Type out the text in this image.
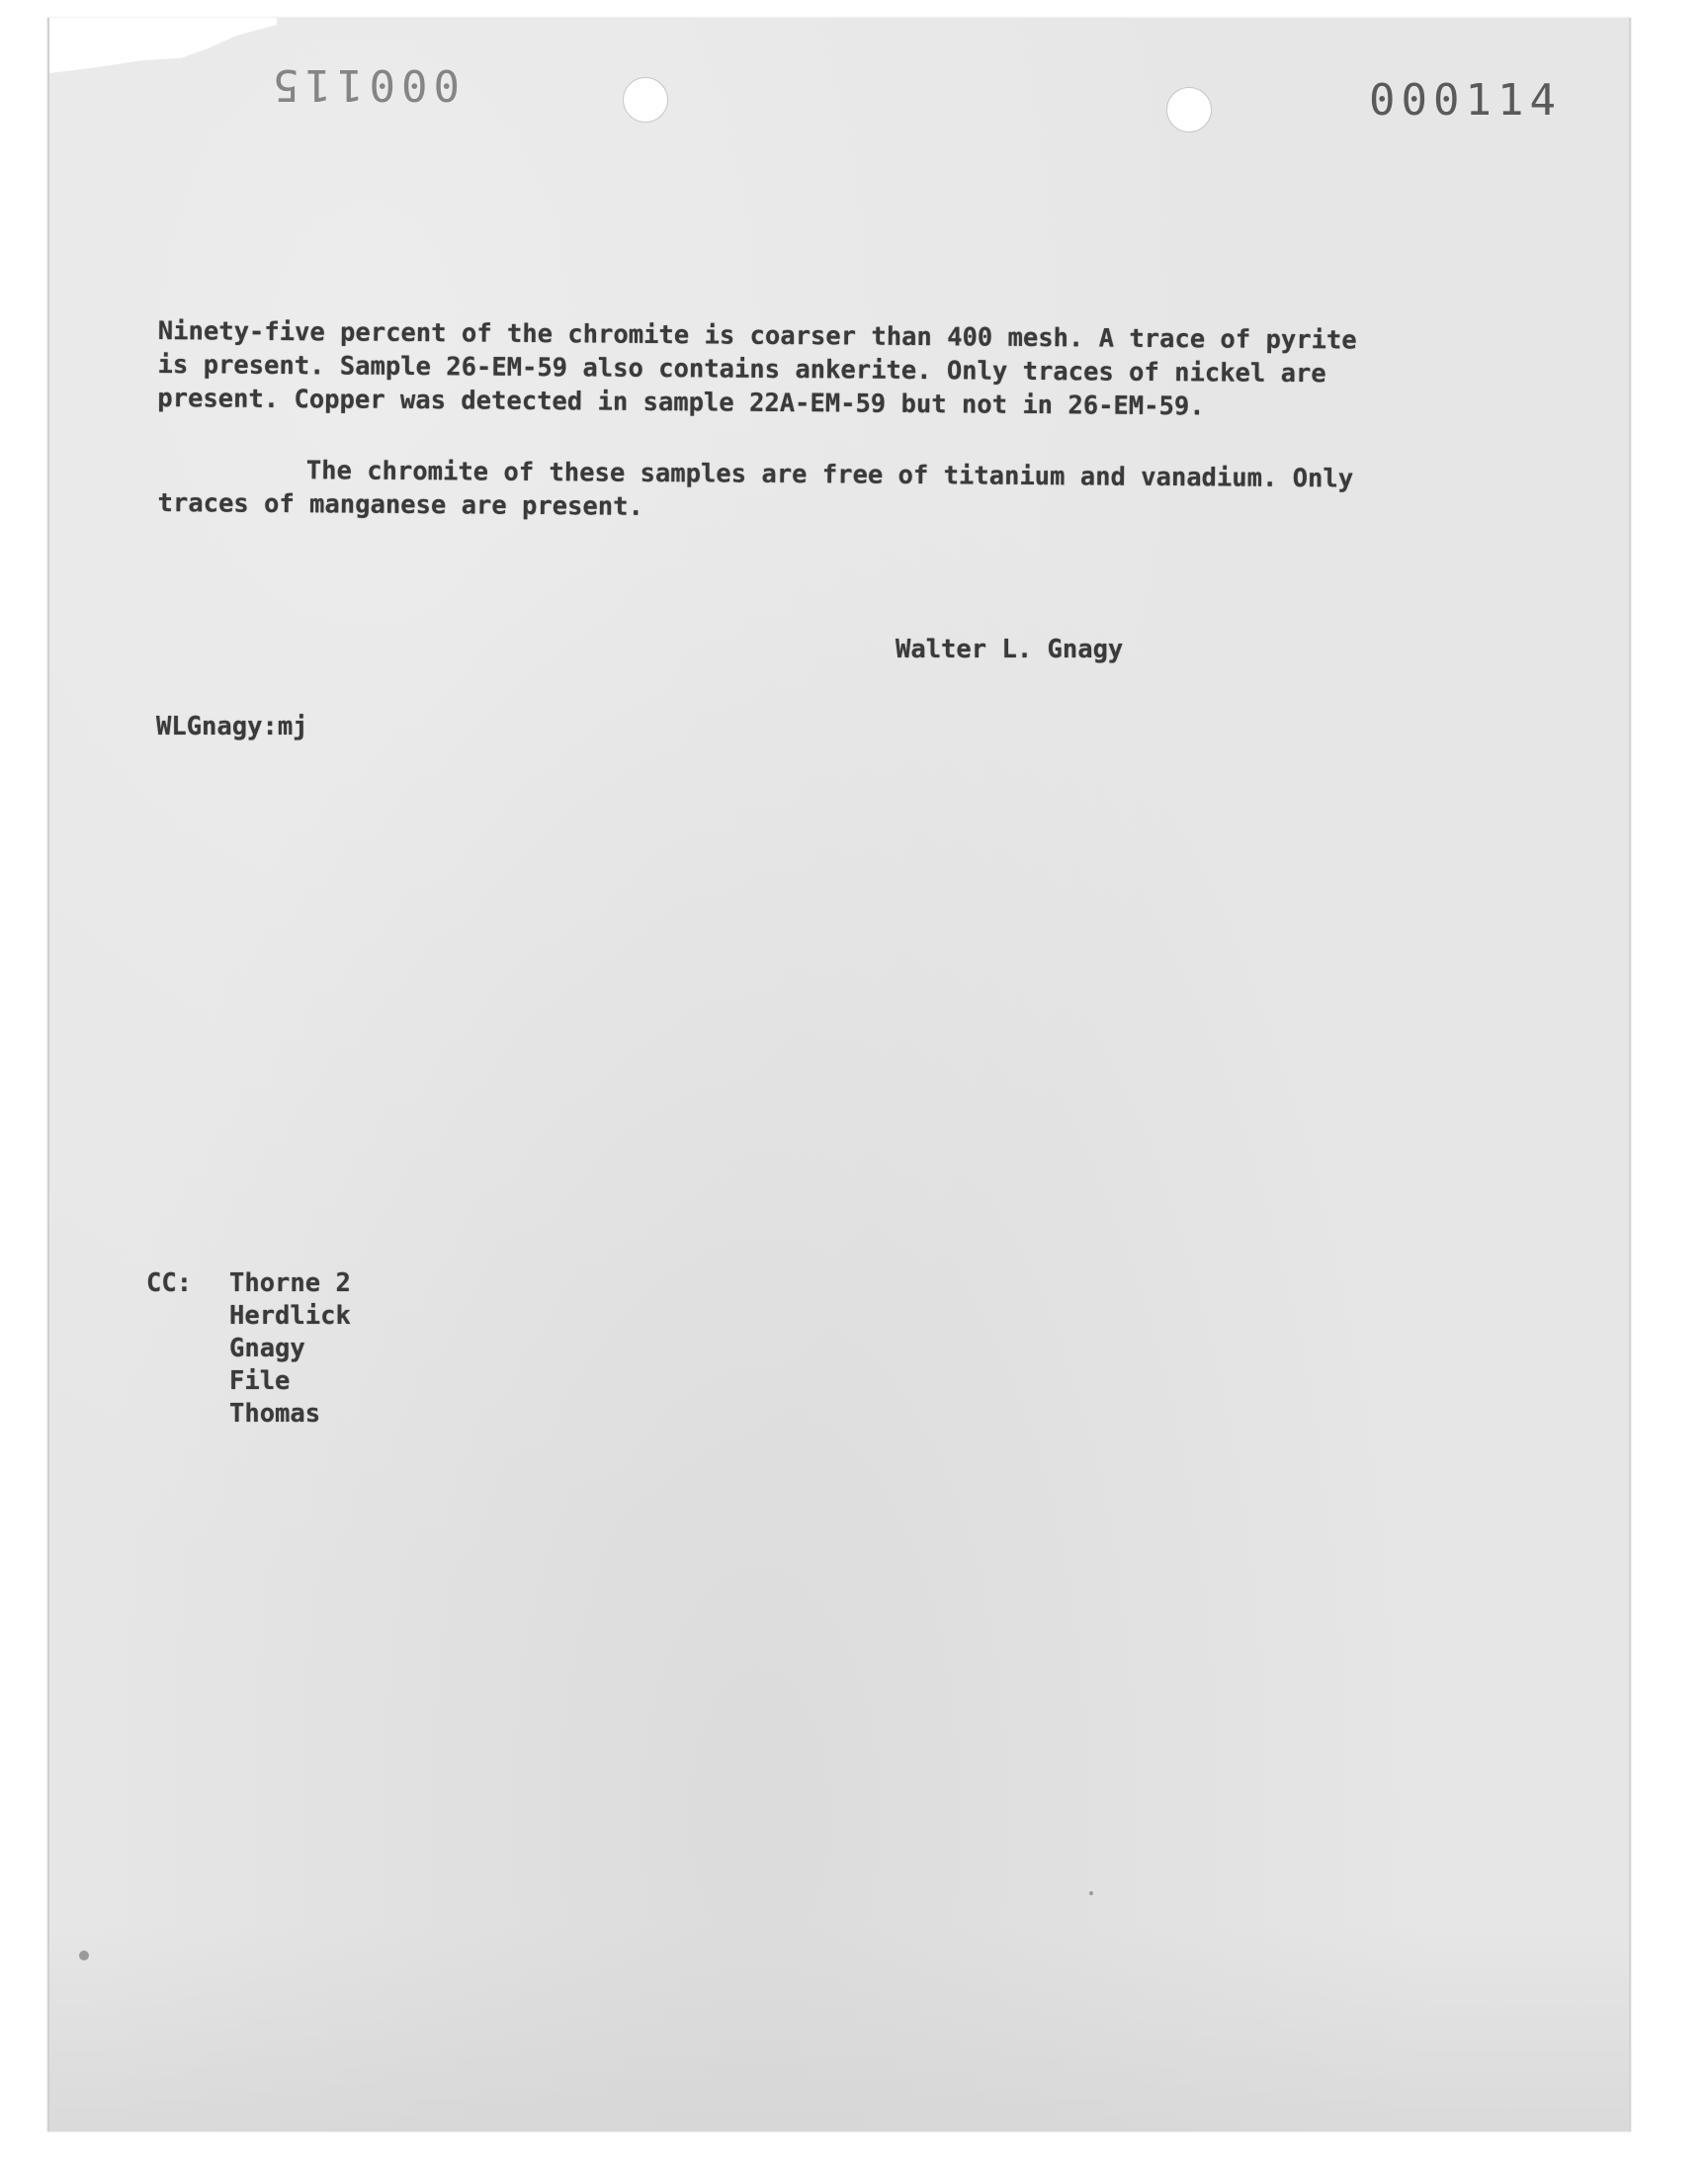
000115	000114
Ninety-five percent of the chromite is coarser than 400 mesh. A trace of pyrite
is present. Sample 26-EM-59 also contains ankerite. Only traces of nickel are
present. Copper was detected in sample 22A-EM-59 but not in 26-EM-59.
The chromite of these samples are free of titanium and vanadium. Only
traces of manganese are present.
Walter L. Gnagy
WLGnagy:mj
CC: Thorne 2
Herdlick
Gnagy
File
Thomas
